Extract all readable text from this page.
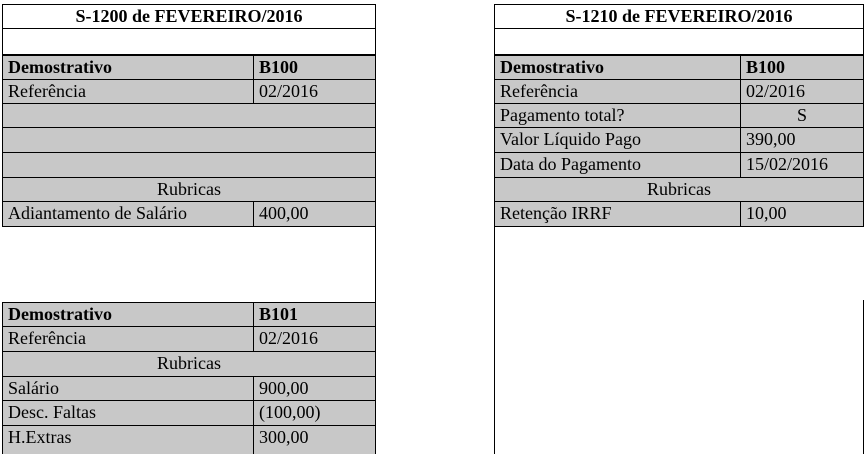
S-1200 de FEVEREIRO/2016
Demostrativo	B100
Referência	02/2016
Rubricas
Adiantamento de Salário	400,00
Demostrativo	B101
Referência	02/2016
Rubricas
Salário	900,00
Desc. Faltas	(100,00)
H.Extras	300,00
S-1210 de FEVEREIRO/2016
Demostrativo	B100
Referência	02/2016
Pagamento total?	S
Valor Líquido Pago	390,00
Data do Pagamento	15/02/2016
Rubricas
Retenção IRRF	10,00
